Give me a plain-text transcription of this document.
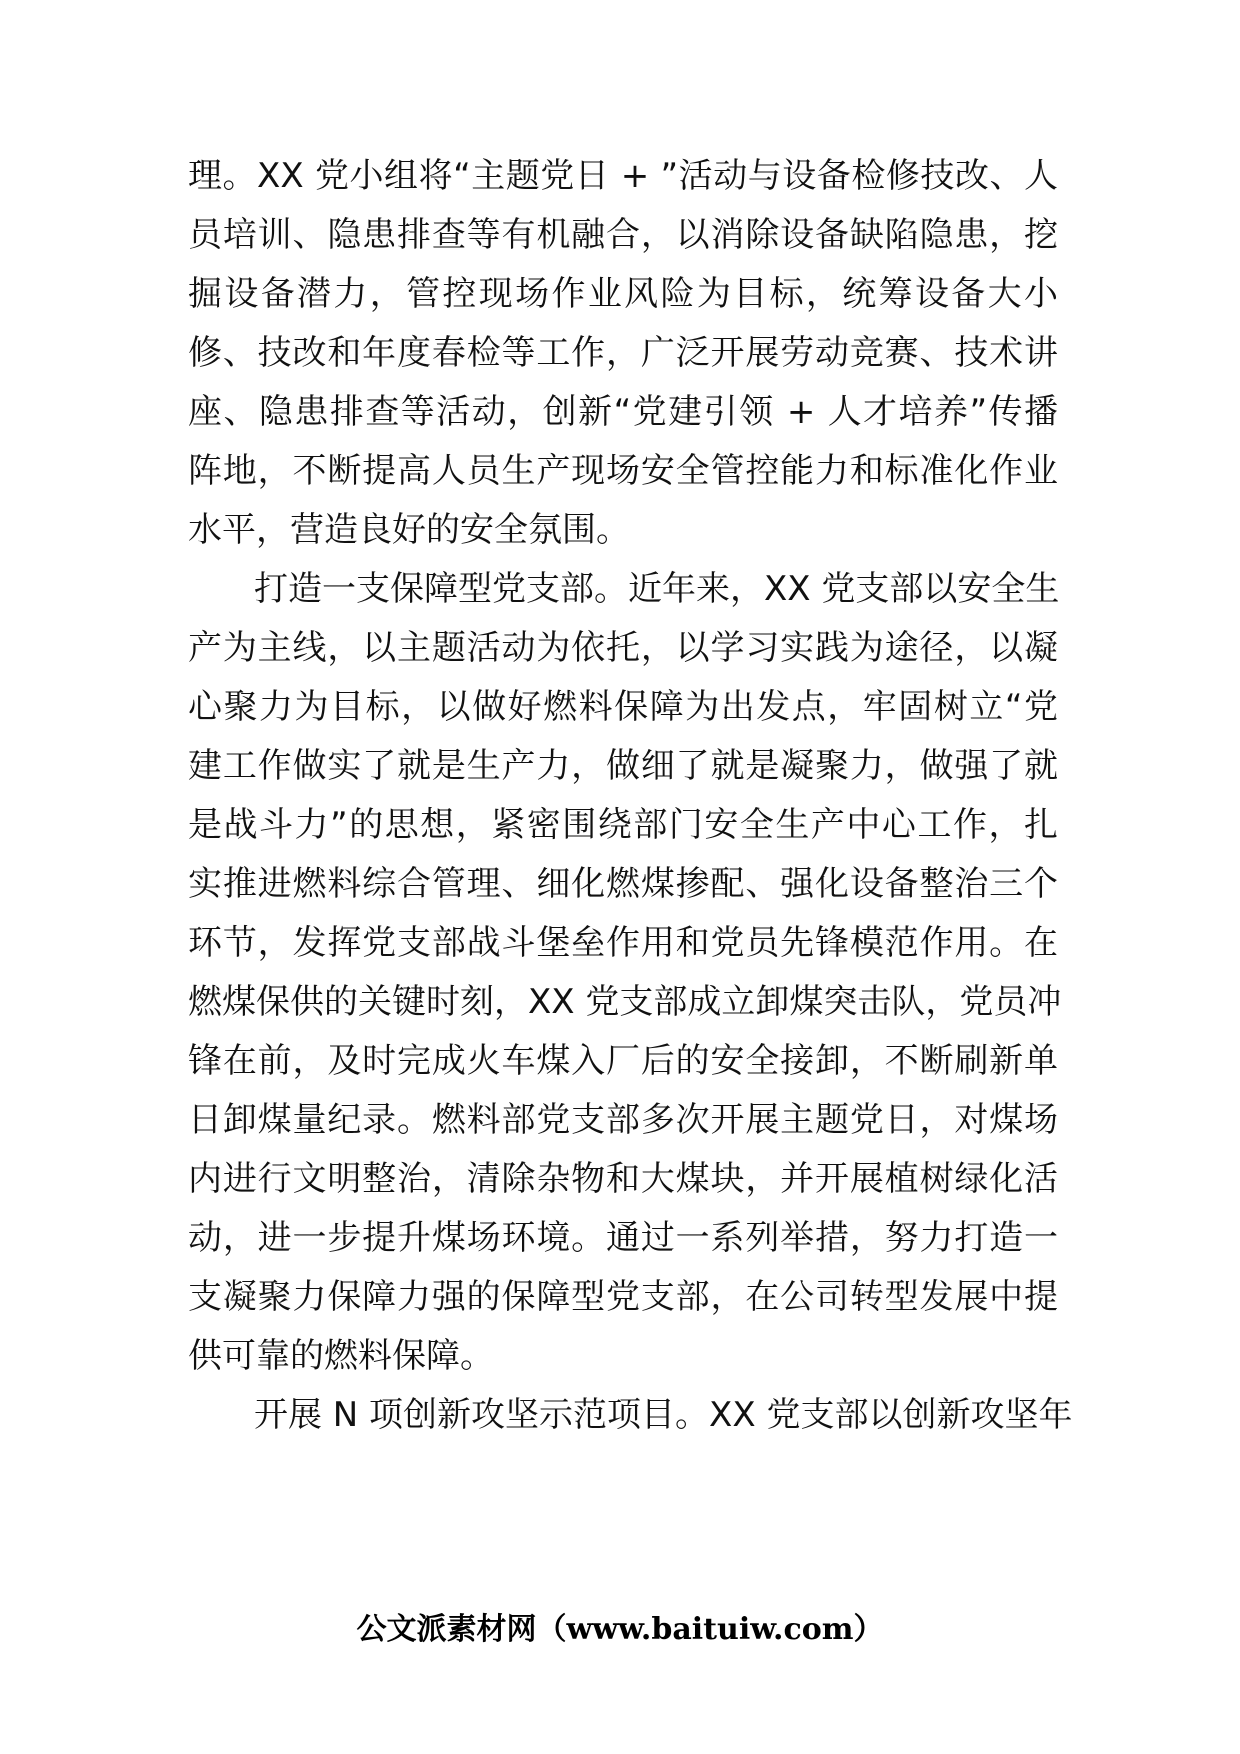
理。XX 党小组将“主题党日 + ”活动与设备检修技改、人
员培训、隐患排查等有机融合，以消除设备缺陷隐患，挖
掘设备潜力，管控现场作业风险为目标，统筹设备大小
修、技改和年度春检等工作，广泛开展劳动竞赛、技术讲
座、隐患排查等活动，创新“党建引领 + 人才培养”传播
阵地，不断提高人员生产现场安全管控能力和标准化作业
水平，营造良好的安全氛围。
打造一支保障型党支部。近年来，XX 党支部以安全生
产为主线，以主题活动为依托，以学习实践为途径，以凝
心聚力为目标，以做好燃料保障为出发点，牢固树立“党
建工作做实了就是生产力，做细了就是凝聚力，做强了就
是战斗力”的思想，紧密围绕部门安全生产中心工作，扎
实推进燃料综合管理、细化燃煤掺配、强化设备整治三个
环节，发挥党支部战斗堡垒作用和党员先锋模范作用。在
燃煤保供的关键时刻，XX 党支部成立卸煤突击队，党员冲
锋在前，及时完成火车煤入厂后的安全接卸，不断刷新单
日卸煤量纪录。燃料部党支部多次开展主题党日，对煤场
内进行文明整治，清除杂物和大煤块，并开展植树绿化活
动，进一步提升煤场环境。通过一系列举措，努力打造一
支凝聚力保障力强的保障型党支部，在公司转型发展中提
供可靠的燃料保障。
开展 N 项创新攻坚示范项目。XX 党支部以创新攻坚年
公文派素材网（www.baituiw.com）
